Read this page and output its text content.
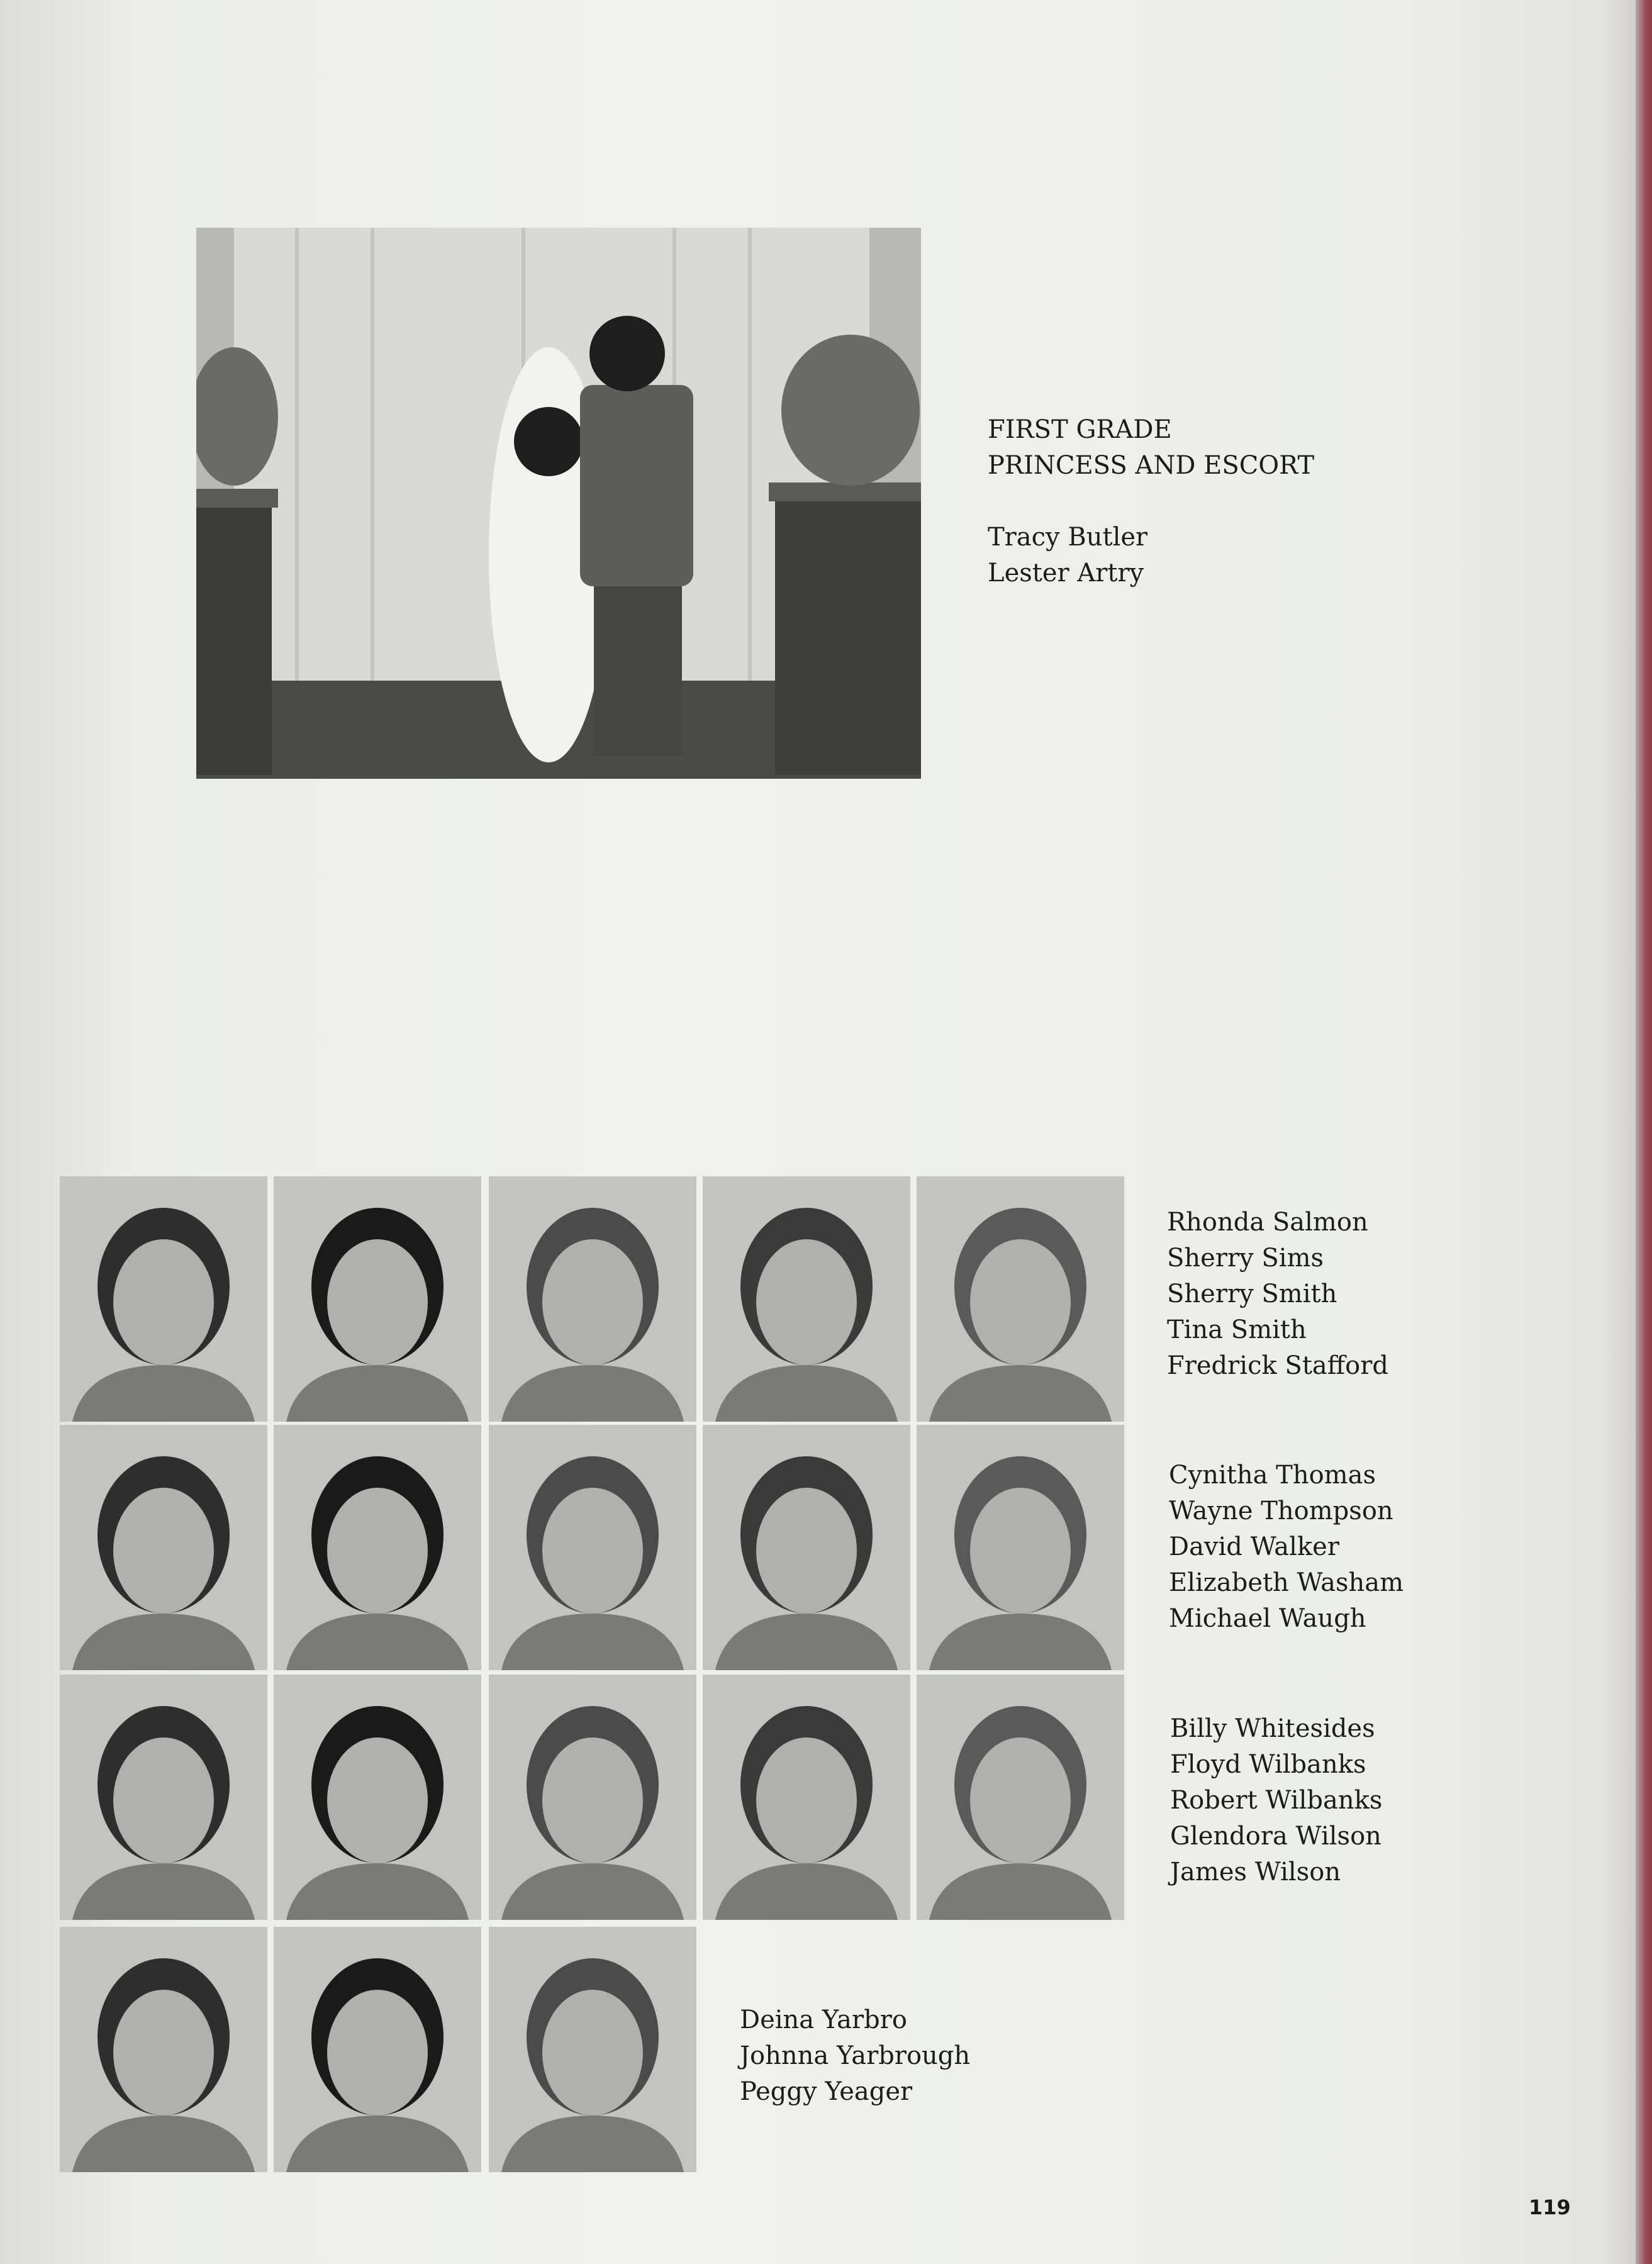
FIRST GRADE
PRINCESS AND ESCORT
Tracy Butler
Lester Artry
Rhonda Salmon
Sherry Sims
Sherry Smith
Tina Smith
Fredrick Stafford
Cynitha Thomas
Wayne Thompson
David Walker
Elizabeth Washam
Michael Waugh
Billy Whitesides
Floyd Wilbanks
Robert Wilbanks
Glendora Wilson
James Wilson
Deina Yarbro
Johnna Yarbrough
Peggy Yeager
119
